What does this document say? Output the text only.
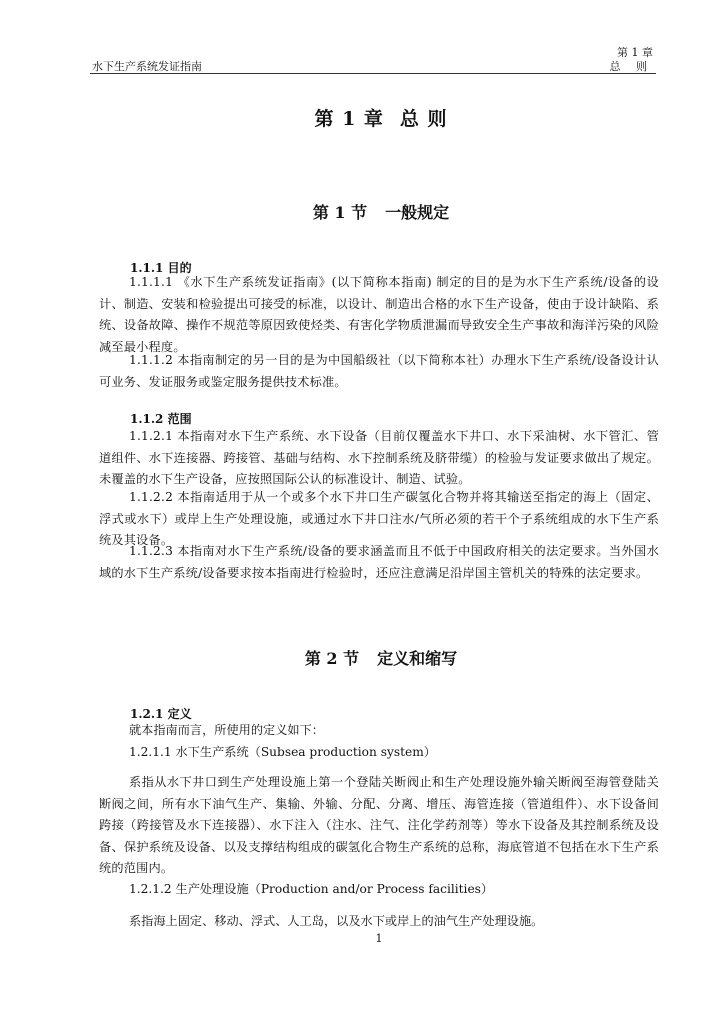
水下生产系统发证指南
第 1 章
总 则
第 1 章 总 则
第 1 节 一般规定
1.1.1 目的
1.1.1.1 《水下生产系统发证指南》(以下简称本指南) 制定的目的是为水下生产系统/设备的设计、制造、安装和检验提出可接受的标准，以设计、制造出合格的水下生产设备，使由于设计缺陷、系统、设备故障、操作不规范等原因致使烃类、有害化学物质泄漏而导致安全生产事故和海洋污染的风险减至最小程度。
1.1.1.2 本指南制定的另一目的是为中国船级社（以下简称本社）办理水下生产系统/设备设计认可业务、发证服务或鉴定服务提供技术标准。
1.1.2 范围
1.1.2.1 本指南对水下生产系统、水下设备（目前仅覆盖水下井口、水下采油树、水下管汇、管道组件、水下连接器、跨接管、基础与结构、水下控制系统及脐带缆）的检验与发证要求做出了规定。未覆盖的水下生产设备，应按照国际公认的标准设计、制造、试验。
1.1.2.2 本指南适用于从一个或多个水下井口生产碳氢化合物并将其输送至指定的海上（固定、浮式或水下）或岸上生产处理设施，或通过水下井口注水/气所必须的若干个子系统组成的水下生产系统及其设备。
1.1.2.3 本指南对水下生产系统/设备的要求涵盖而且不低于中国政府相关的法定要求。当外国水域的水下生产系统/设备要求按本指南进行检验时，还应注意满足沿岸国主管机关的特殊的法定要求。
第 2 节 定义和缩写
1.2.1 定义
就本指南而言，所使用的定义如下：
1.2.1.1 水下生产系统（Subsea production system）
系指从水下井口到生产处理设施上第一个登陆关断阀止和生产处理设施外输关断阀至海管登陆关断阀之间，所有水下油气生产、集输、外输、分配、分离、增压、海管连接（管道组件）、水下设备间跨接（跨接管及水下连接器）、水下注入（注水、注气、注化学药剂等）等水下设备及其控制系统及设备、保护系统及设备、以及支撑结构组成的碳氢化合物生产系统的总称，海底管道不包括在水下生产系统的范围内。
1.2.1.2 生产处理设施（Production and/or Process facilities）
系指海上固定、移动、浮式、人工岛，以及水下或岸上的油气生产处理设施。
1
